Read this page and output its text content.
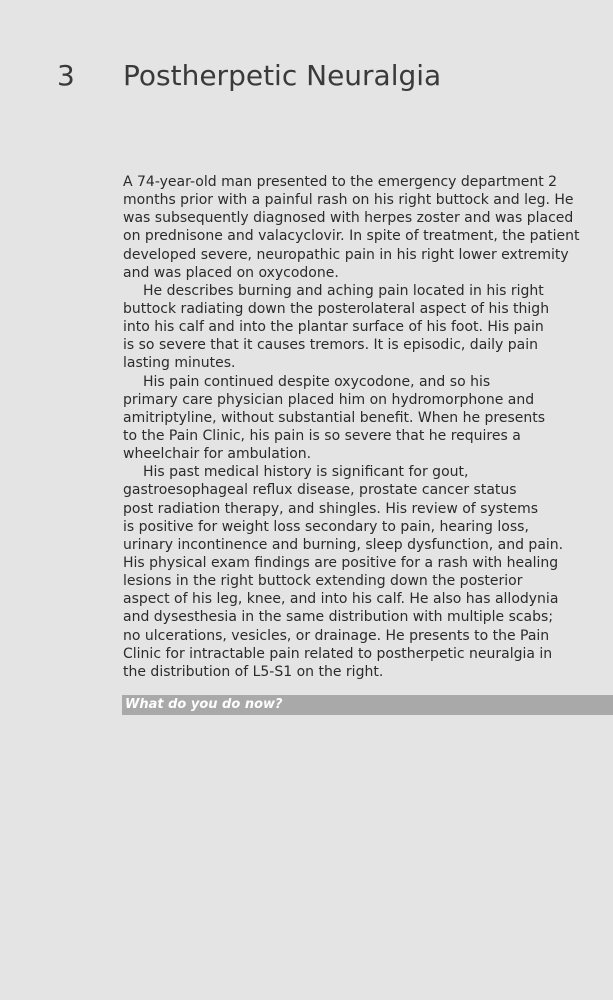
3 Postherpetic Neuralgia
A 74-year-old man presented to the emergency department 2
months prior with a painful rash on his right buttock and leg. He
was subsequently diagnosed with herpes zoster and was placed
on prednisone and valacyclovir. In spite of treatment, the patient
developed severe, neuropathic pain in his right lower extremity
and was placed on oxycodone.
He describes burning and aching pain located in his right
buttock radiating down the posterolateral aspect of his thigh
into his calf and into the plantar surface of his foot. His pain
is so severe that it causes tremors. It is episodic, daily pain
lasting minutes.
His pain continued despite oxycodone, and so his
primary care physician placed him on hydromorphone and
amitriptyline, without substantial benefit. When he presents
to the Pain Clinic, his pain is so severe that he requires a
wheelchair for ambulation.
His past medical history is significant for gout,
gastroesophageal reflux disease, prostate cancer status
post radiation therapy, and shingles. His review of systems
is positive for weight loss secondary to pain, hearing loss,
urinary incontinence and burning, sleep dysfunction, and pain.
His physical exam findings are positive for a rash with healing
lesions in the right buttock extending down the posterior
aspect of his leg, knee, and into his calf. He also has allodynia
and dysesthesia in the same distribution with multiple scabs;
no ulcerations, vesicles, or drainage. He presents to the Pain
Clinic for intractable pain related to postherpetic neuralgia in
the distribution of L5-S1 on the right.
What do you do now?
